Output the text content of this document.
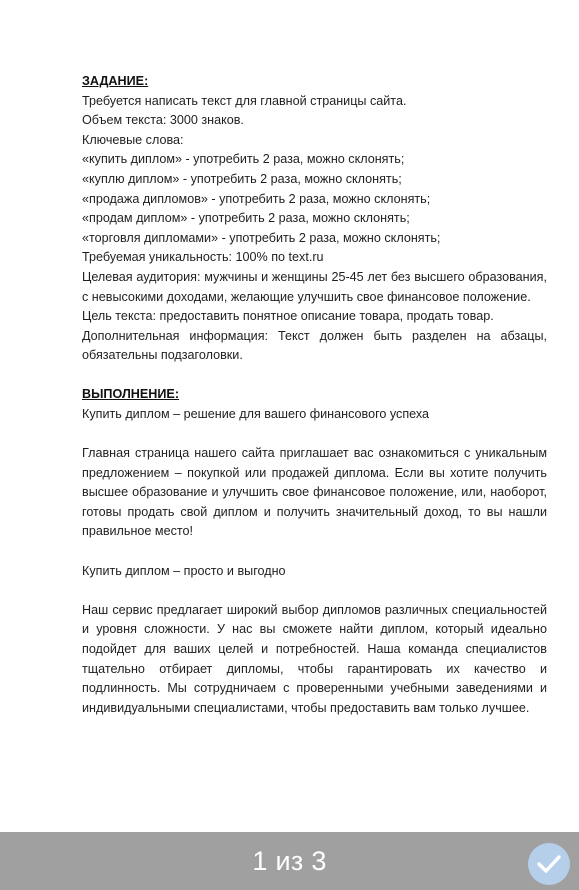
ЗАДАНИЕ:

Требуется написать текст для главной страницы сайта.

Объем текста: 3000 знаков.

Ключевые слова:

«купить диплом» - употребить 2 раза, можно склонять;

«куплю диплом» - употребить 2 раза, можно склонять;

«продажа дипломов» - употребить 2 раза, можно склонять;

«продам диплом» - употребить 2 раза, можно склонять;

«торговля дипломами» - употребить 2 раза, можно склонять;

Требуемая уникальность: 100% по text.ru

Целевая аудитория: мужчины и женщины 25-45 лет без высшего образования, с невысокими доходами, желающие улучшить свое финансовое положение.

Цель текста: предоставить понятное описание товара, продать товар.

Дополнительная информация: Текст должен быть разделен на абзацы, обязательны подзаголовки.

ВЫПОЛНЕНИЕ:

Купить диплом – решение для вашего финансового успеха

Главная страница нашего сайта приглашает вас ознакомиться с уникальным предложением – покупкой или продажей диплома. Если вы хотите получить высшее образование и улучшить свое финансовое положение, или, наоборот, готовы продать свой диплом и получить значительный доход, то вы нашли правильное место!

Купить диплом – просто и выгодно

Наш сервис предлагает широкий выбор дипломов различных специальностей и уровня сложности. У нас вы сможете найти диплом, который идеально подойдет для ваших целей и потребностей. Наша команда специалистов тщательно отбирает дипломы, чтобы гарантировать их качество и подлинность. Мы сотрудничаем с проверенными учебными заведениями и индивидуальными специалистами, чтобы предоставить вам только лучшее.

1 из 3
